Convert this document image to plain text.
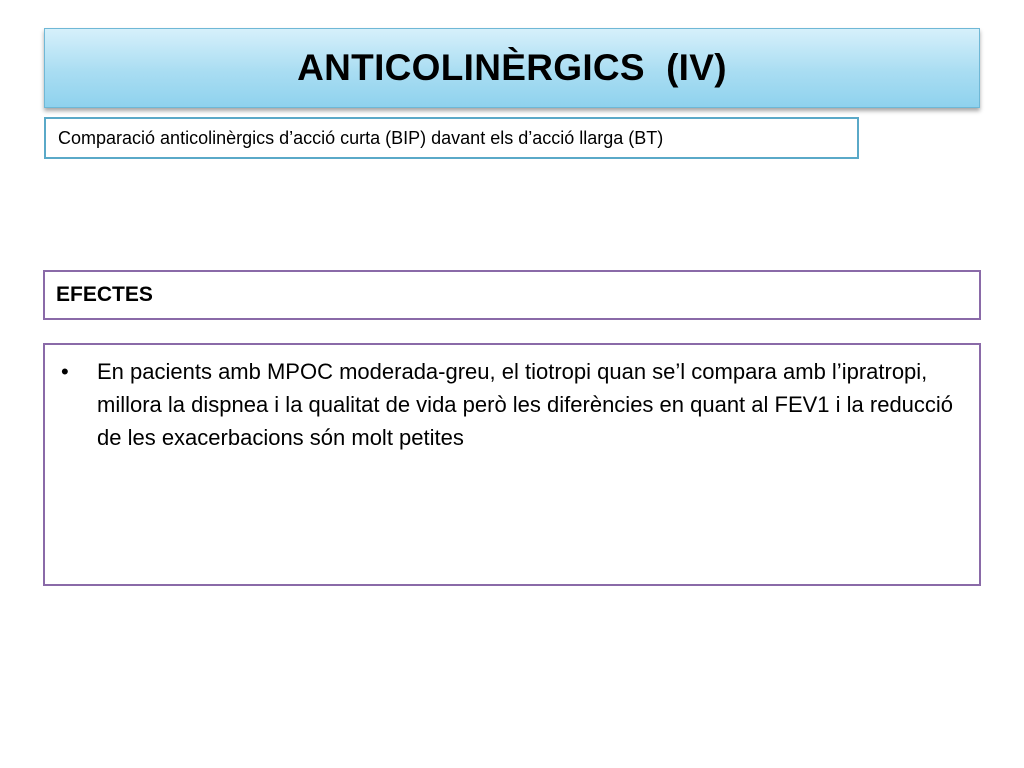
ANTICOLINÈRGICS  (IV)
Comparació anticolinèrgics d’acció curta (BIP) davant els d’acció llarga (BT)
EFECTES
• En pacients amb MPOC moderada-greu, el tiotropi quan se’l compara amb l’ipratropi, millora la dispnea i la qualitat de vida però les diferències en quant al FEV1 i la reducció de les exacerbacions són molt petites
